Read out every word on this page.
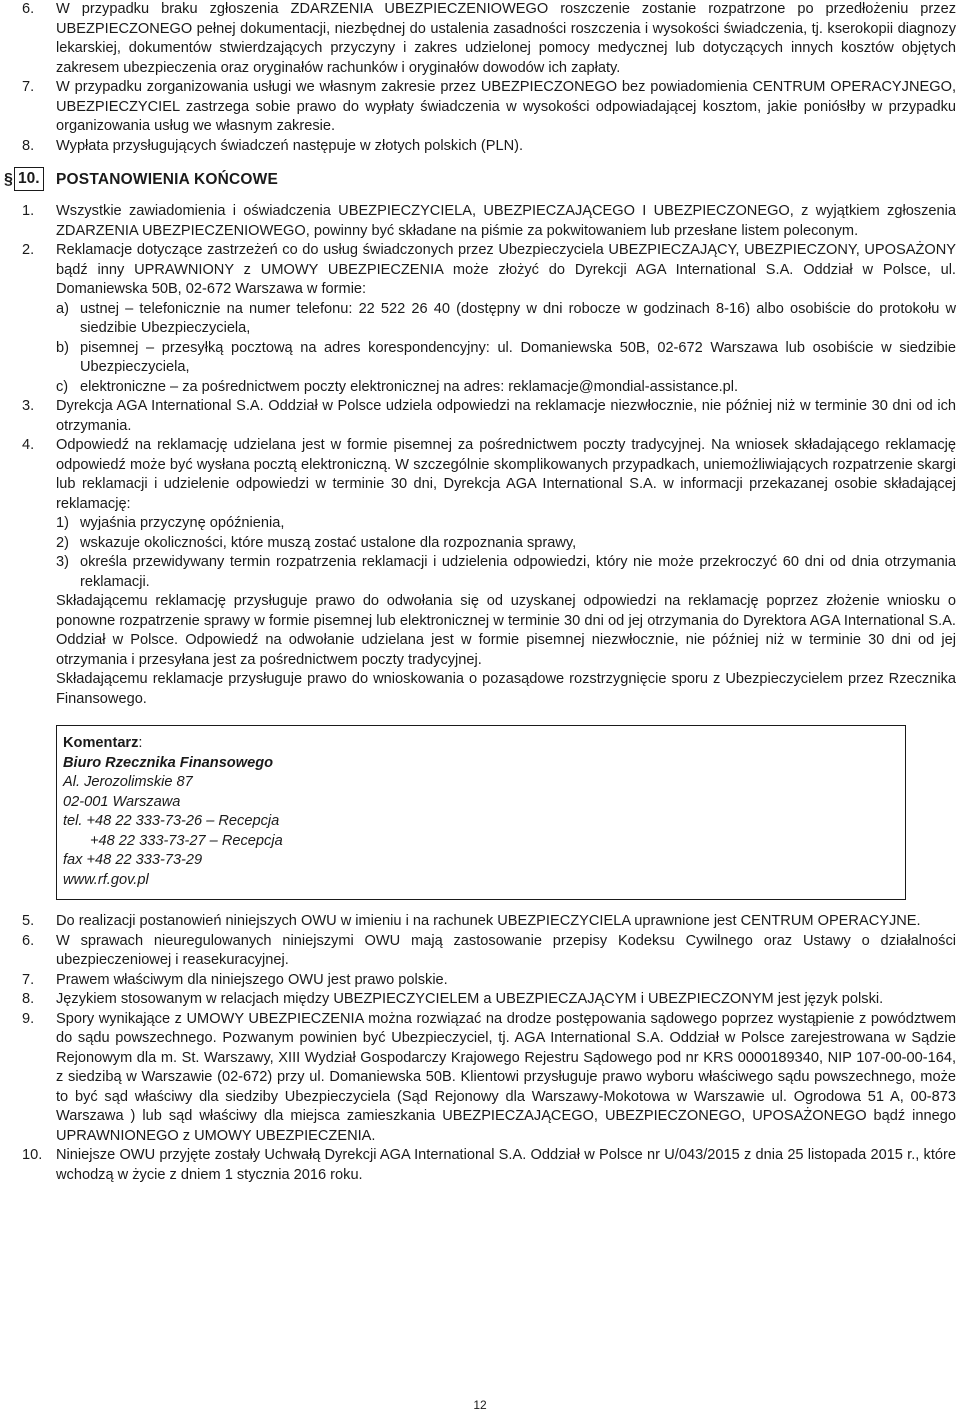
6. W przypadku braku zgłoszenia ZDARZENIA UBEZPIECZENIOWEGO roszczenie zostanie rozpatrzone po przedłożeniu przez UBEZPIECZONEGO pełnej dokumentacji, niezbędnej do ustalenia zasadności roszczenia i wysokości świadczenia, tj. kserokopii diagnozy lekarskiej, dokumentów stwierdzających przyczyny i zakres udzielonej pomocy medycznej lub dotyczących innych kosztów objętych zakresem ubezpieczenia oraz oryginałów rachunków i oryginałów dowodów ich zapłaty.
7. W przypadku zorganizowania usługi we własnym zakresie przez UBEZPIECZONEGO bez powiadomienia CENTRUM OPERACYJNEGO, UBEZPIECZYCIEL zastrzega sobie prawo do wypłaty świadczenia w wysokości odpowiadającej kosztom, jakie poniósłby w przypadku organizowania usług we własnym zakresie.
8. Wypłata przysługujących świadczeń następuje w złotych polskich (PLN).
§ 10. POSTANOWIENIA KOŃCOWE
1. Wszystkie zawiadomienia i oświadczenia UBEZPIECZYCIELA, UBEZPIECZAJĄCEGO I UBEZPIECZONEGO, z wyjątkiem zgłoszenia ZDARZENIA UBEZPIECZENIOWEGO, powinny być składane na piśmie za pokwitowaniem lub przesłane listem poleconym.
2. Reklamacje dotyczące zastrzeżeń co do usług świadczonych przez Ubezpieczyciela UBEZPIECZAJĄCY, UBEZPIECZONY, UPOSAŻONY bądź inny UPRAWNIONY z UMOWY UBEZPIECZENIA może złożyć do Dyrekcji AGA International S.A. Oddział w Polsce, ul. Domaniewska 50B, 02-672 Warszawa w formie:
a) ustnej – telefonicznie na numer telefonu: 22 522 26 40 (dostępny w dni robocze w godzinach 8-16) albo osobiście do protokołu w siedzibie Ubezpieczyciela,
b) pisemnej – przesyłką pocztową na adres korespondencyjny: ul. Domaniewska 50B, 02-672 Warszawa lub osobiście w siedzibie Ubezpieczyciela,
c) elektroniczne – za pośrednictwem poczty elektronicznej na adres: reklamacje@mondial-assistance.pl.
3. Dyrekcja AGA International S.A. Oddział w Polsce udziela odpowiedzi na reklamacje niezwłocznie, nie później niż w terminie 30 dni od ich otrzymania.
4. Odpowiedź na reklamację udzielana jest w formie pisemnej za pośrednictwem poczty tradycyjnej. Na wniosek składającego reklamację odpowiedź może być wysłana pocztą elektroniczną. W szczególnie skomplikowanych przypadkach, uniemożliwiających rozpatrzenie skargi lub reklamacji i udzielenie odpowiedzi w terminie 30 dni, Dyrekcja AGA International S.A. w informacji przekazanej osobie składającej reklamację:
1) wyjaśnia przyczynę opóźnienia,
2) wskazuje okoliczności, które muszą zostać ustalone dla rozpoznania sprawy,
3) określa przewidywany termin rozpatrzenia reklamacji i udzielenia odpowiedzi, który nie może przekroczyć 60 dni od dnia otrzymania reklamacji.
Składającemu reklamację przysługuje prawo do odwołania się od uzyskanej odpowiedzi na reklamację poprzez złożenie wniosku o ponowne rozpatrzenie sprawy w formie pisemnej lub elektronicznej w terminie 30 dni od jej otrzymania do Dyrektora AGA International S.A. Oddział w Polsce. Odpowiedź na odwołanie udzielana jest w formie pisemnej niezwłocznie, nie później niż w terminie 30 dni od jej otrzymania i przesyłana jest za pośrednictwem poczty tradycyjnej.
Składającemu reklamacje przysługuje prawo do wnioskowania o pozasądowe rozstrzygnięcie sporu z Ubezpieczycielem przez Rzecznika Finansowego.
Komentarz:
Biuro Rzecznika Finansowego
Al. Jerozolimskie 87
02-001 Warszawa
tel. +48 22 333-73-26 – Recepcja
+48 22 333-73-27 – Recepcja
fax +48 22 333-73-29
www.rf.gov.pl
5. Do realizacji postanowień niniejszych OWU w imieniu i na rachunek UBEZPIECZYCIELA uprawnione jest CENTRUM OPERACYJNE.
6. W sprawach nieuregulowanych niniejszymi OWU mają zastosowanie przepisy Kodeksu Cywilnego oraz Ustawy o działalności ubezpieczeniowej i reasekuracyjnej.
7. Prawem właściwym dla niniejszego OWU jest prawo polskie.
8. Językiem stosowanym w relacjach między UBEZPIECZYCIELEM a UBEZPIECZAJĄCYM i UBEZPIECZONYM jest język polski.
9. Spory wynikające z UMOWY UBEZPIECZENIA można rozwiązać na drodze postępowania sądowego poprzez wystąpienie z powództwem do sądu powszechnego. Pozwanym powinien być Ubezpieczyciel, tj. AGA International S.A. Oddział w Polsce zarejestrowana w Sądzie Rejonowym dla m. St. Warszawy, XIII Wydział Gospodarczy Krajowego Rejestru Sądowego pod nr KRS 0000189340, NIP 107-00-00-164, z siedzibą w Warszawie (02-672) przy ul. Domaniewska 50B. Klientowi przysługuje prawo wyboru właściwego sądu powszechnego, może to być sąd właściwy dla siedziby Ubezpieczyciela (Sąd Rejonowy dla Warszawy-Mokotowa w Warszawie ul. Ogrodowa 51 A, 00-873 Warszawa ) lub sąd właściwy dla miejsca zamieszkania UBEZPIECZAJĄCEGO, UBEZPIECZONEGO, UPOSAŻONEGO bądź innego UPRAWNIONEGO z UMOWY UBEZPIECZENIA.
10. Niniejsze OWU przyjęte zostały Uchwałą Dyrekcji AGA International S.A. Oddział w Polsce nr U/043/2015 z dnia 25 listopada 2015 r., które wchodzą w życie z dniem 1 stycznia 2016 roku.
12
